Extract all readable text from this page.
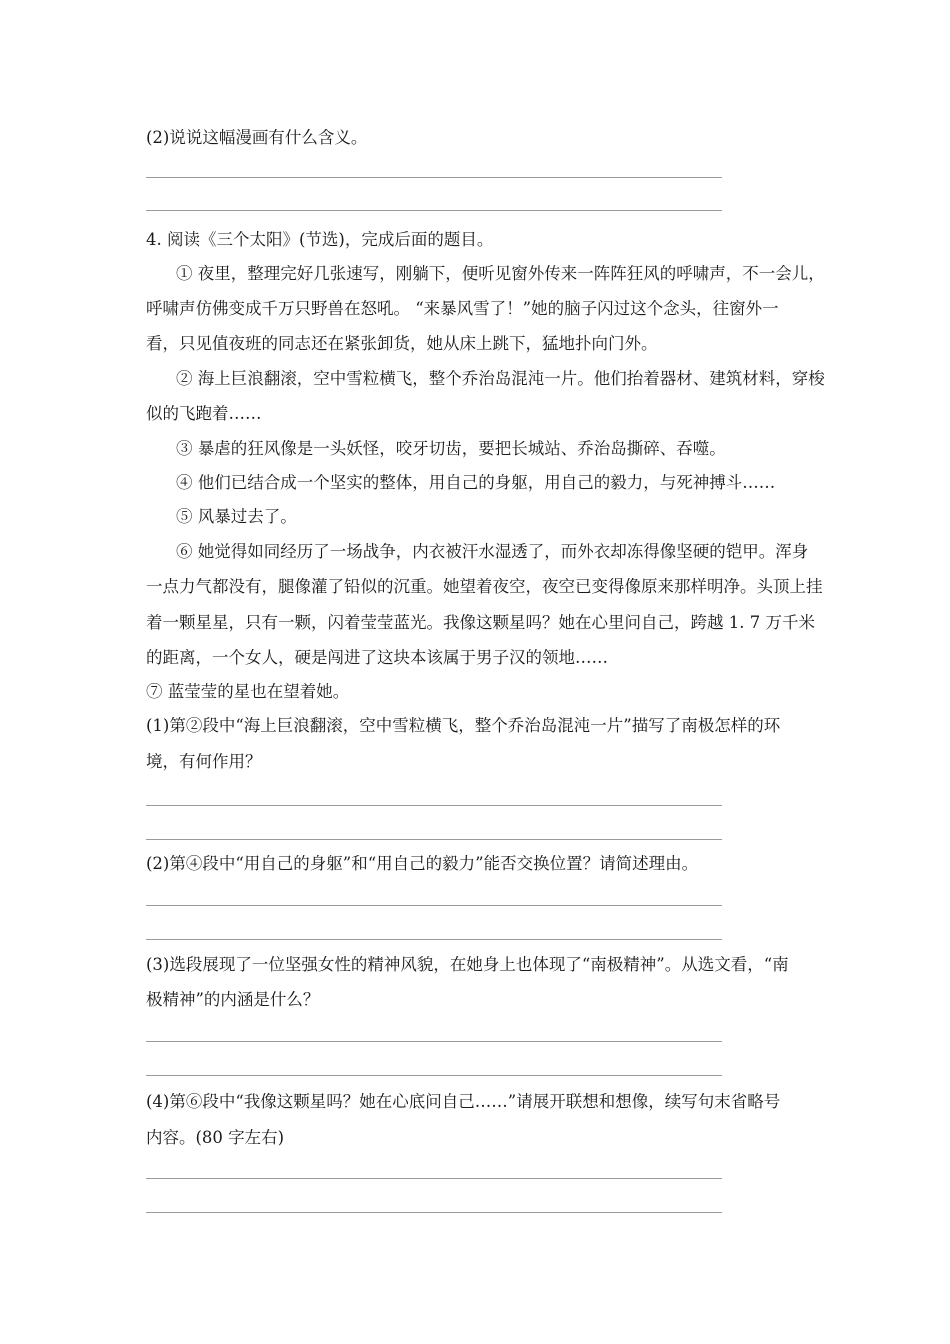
(2)说说这幅漫画有什么含义。
4. 阅读《三个太阳》(节选)，完成后面的题目。
① 夜里，整理完好几张速写，刚躺下，便听见窗外传来一阵阵狂风的呼啸声，不一会儿，
呼啸声仿佛变成千万只野兽在怒吼。 “来暴风雪了！”她的脑子闪过这个念头，往窗外一
看，只见值夜班的同志还在紧张卸货，她从床上跳下，猛地扑向门外。
② 海上巨浪翻滚，空中雪粒横飞，整个乔治岛混沌一片。他们抬着器材、建筑材料，穿梭
似的飞跑着……
③ 暴虐的狂风像是一头妖怪，咬牙切齿，要把长城站、乔治岛撕碎、吞噬。
④ 他们已结合成一个坚实的整体，用自己的身躯，用自己的毅力，与死神搏斗……
⑤ 风暴过去了。
⑥ 她觉得如同经历了一场战争，内衣被汗水湿透了，而外衣却冻得像坚硬的铠甲。浑身
一点力气都没有，腿像灌了铅似的沉重。她望着夜空，夜空已变得像原来那样明净。头顶上挂
着一颗星星，只有一颗，闪着莹莹蓝光。我像这颗星吗？她在心里问自己，跨越 1. 7 万千米
的距离，一个女人，硬是闯进了这块本该属于男子汉的领地……
⑦ 蓝莹莹的星也在望着她。
(1)第②段中“海上巨浪翻滚，空中雪粒横飞，整个乔治岛混沌一片”描写了南极怎样的环
境，有何作用？
(2)第④段中“用自己的身躯”和“用自己的毅力”能否交换位置？请简述理由。
(3)选段展现了一位坚强女性的精神风貌，在她身上也体现了“南极精神”。从选文看，“南
极精神”的内涵是什么？
(4)第⑥段中“我像这颗星吗？她在心底问自己……”请展开联想和想像，续写句末省略号
内容。(80 字左右)
